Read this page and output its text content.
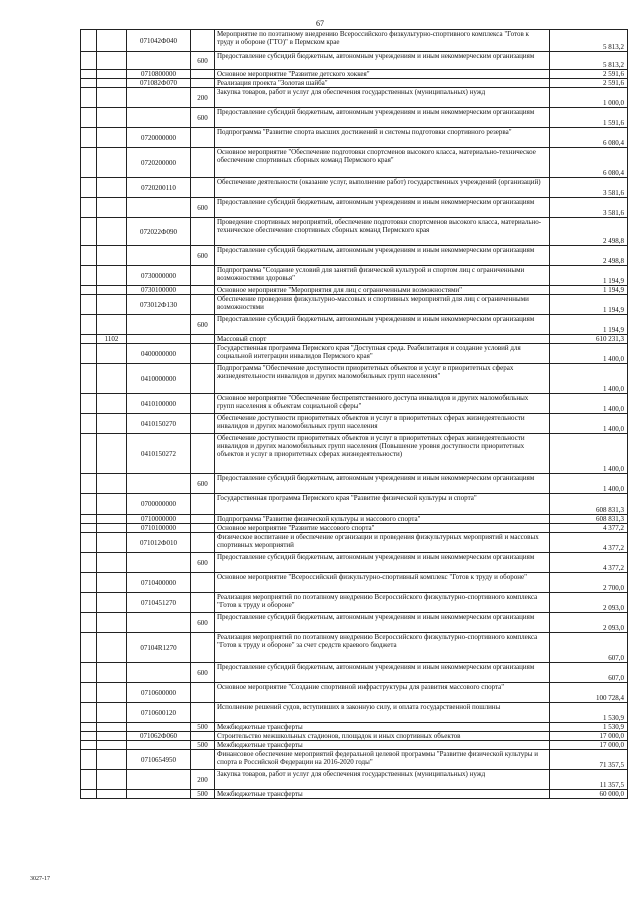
67
		071042Ф040		Мероприятие по поэтапному внедрению Всероссийского физкультурно-спортивного комплекса "Готов к труду и обороне (ГТО)" в Пермском крае	5 813,2
			600	Предоставление субсидий бюджетным, автономным учреждениям и иным некоммерческим организациям	5 813,2
		0710800000		Основное мероприятие "Развитие детского хоккея"	2 591,6
		071082Ф070		Реализация проекта "Золотая шайба"	2 591,6
			200	Закупка товаров, работ и услуг для обеспечения государственных (муниципальных) нужд	1 000,0
			600	Предоставление субсидий бюджетным, автономным учреждениям и иным некоммерческим организациям	1 591,6
		0720000000		Подпрограмма "Развитие спорта высших достижений и системы подготовки спортивного резерва"	6 080,4
		0720200000		Основное мероприятие "Обеспечение подготовки спортсменов высокого класса, материально-техническое обеспечение спортивных сборных команд Пермского края"	6 080,4
		0720200110		Обеспечение деятельности (оказание услуг, выполнение работ) государственных учреждений (организаций)	3 581,6
			600	Предоставление субсидий бюджетным, автономным учреждениям и иным некоммерческим организациям	3 581,6
		072022Ф090		Проведение спортивных мероприятий, обеспечение подготовки спортсменов высокого класса, материально-техническое обеспечение спортивных сборных команд Пермского края	2 498,8
			600	Предоставление субсидий бюджетным, автономным учреждениям и иным некоммерческим организациям	2 498,8
		0730000000		Подпрограмма "Создание условий для занятий физической культурой и спортом лиц с ограниченными возможностями здоровья"	1 194,9
		0730100000		Основное мероприятие "Мероприятия для лиц с ограниченными возможностями"	1 194,9
		073012Ф130		Обеспечение проведения физкультурно-массовых и спортивных мероприятий для лиц с ограниченными возможностями	1 194,9
			600	Предоставление субсидий бюджетным, автономным учреждениям и иным некоммерческим организациям	1 194,9
	1102			Массовый спорт	610 231,3
		0400000000		Государственная программа Пермского края "Доступная среда. Реабилитация и создание условий для социальной интеграции инвалидов Пермского края"	1 400,0
		0410000000		Подпрограмма "Обеспечение доступности приоритетных объектов и услуг в приоритетных сферах жизнедеятельности инвалидов и других маломобильных групп населения"	1 400,0
		0410100000		Основное мероприятие "Обеспечение беспрепятственного доступа инвалидов и других маломобильных групп населения к объектам социальной сферы"	1 400,0
		0410150270		Обеспечение доступности приоритетных объектов и услуг в приоритетных сферах жизнедеятельности инвалидов и других маломобильных групп населения	1 400,0
		0410150272		Обеспечение доступности приоритетных объектов и услуг в приоритетных сферах жизнедеятельности инвалидов и других маломобильных групп населения (Повышение уровня доступности приоритетных объектов и услуг в приоритетных сферах жизнедеятельности)	1 400,0
			600	Предоставление субсидий бюджетным, автономным учреждениям и иным некоммерческим организациям	1 400,0
		0700000000		Государственная программа Пермского края "Развитие физической культуры и спорта"	608 831,3
		0710000000		Подпрограмма "Развитие физической культуры и массового спорта"	608 831,3
		0710100000		Основное мероприятие "Развитие массового спорта"	4 377,2
		071012Ф010		Физическое воспитание и обеспечение организации и проведения физкультурных мероприятий и массовых спортивных мероприятий	4 377,2
			600	Предоставление субсидий бюджетным, автономным учреждениям и иным некоммерческим организациям	4 377,2
		0710400000		Основное мероприятие "Всероссийский физкультурно-спортивный комплекс "Готов к труду и обороне"	2 700,0
		0710451270		Реализация мероприятий по поэтапному внедрению Всероссийского физкультурно-спортивного комплекса "Готов к труду и обороне"	2 093,0
			600	Предоставление субсидий бюджетным, автономным учреждениям и иным некоммерческим организациям	2 093,0
		07104R1270		Реализация мероприятий по поэтапному внедрению Всероссийского физкультурно-спортивного комплекса "Готов к труду и обороне" за счет средств краевого бюджета	607,0
			600	Предоставление субсидий бюджетным, автономным учреждениям и иным некоммерческим организациям	607,0
		0710600000		Основное мероприятие "Создание спортивной инфраструктуры для развития массового спорта"	100 728,4
		0710600120		Исполнение решений судов, вступивших в законную силу, и оплата государственной пошлины	1 530,9
			500	Межбюджетные трансферты	1 530,9
		071062Ф060		Строительство межшкольных стадионов, площадок и иных спортивных объектов	17 000,0
			500	Межбюджетные трансферты	17 000,0
		0710654950		Финансовое обеспечение мероприятий федеральной целевой программы "Развитие физической культуры и спорта в Российской Федерации на 2016-2020 годы"	71 357,5
			200	Закупка товаров, работ и услуг для обеспечения государственных (муниципальных) нужд	11 357,5
			500	Межбюджетные трансферты	60 000,0
3027-17
